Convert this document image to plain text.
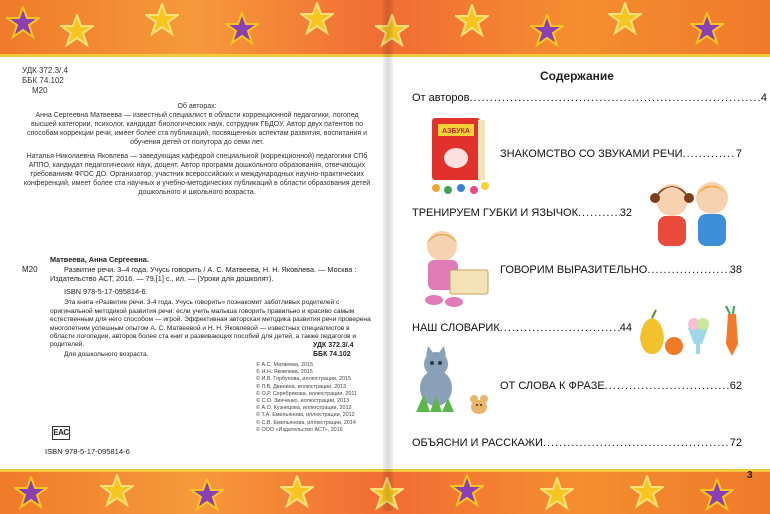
УДК 372.3/.4
ББК 74.102
М20
Об авторах:
Анна Сергеевна Матвеева — известный специалист в области коррекционной педагогики, логопед высшей категории, психолог, кандидат биологических наук, сотрудник ГБДОУ. Автор двух патентов по способам коррекции речи, имеет более ста публикаций, посвященных аспектам развития, воспитания и обучения детей от полутора до семи лет.
Наталья Николаевна Яковлева — заведующая кафедрой специальной (коррекционной) педагогики СПб АППО, кандидат педагогических наук, доцент. Автор программ дошкольного образования, отвечающих требованиям ФГОС ДО. Организатор, участник всероссийских и международных научно-практических конференций, имеет более ста научных и учебно-методических публикаций в области образования детей дошкольного и школьного возраста.
М20
Матвеева, Анна Сергеевна.
Развитие речи. 3–4 года. Учусь говорить / А. С. Матвеева, Н. Н. Яковлева. — Москва : Издательство АСТ, 2016. — 79,[1] с., ил. — (Уроки для дошколят).
ISBN 978-5-17-095814-6.
Эта книга «Развитие речи. 3-4 года. Учусь говорить» познакомит заботливых родителей с оригинальной методикой развития речи: если учить малыша говорить правильно и красиво самым естественным для него способом — игрой. Эффективная авторская методика развития речи проверена многолетним успешным опытом А. С. Матвеевой и Н. Н. Яковлевой — известных специалистов в области логопедии, авторов более ста книг и развивающих пособий для детей, а также педагогов и родителей.
Для дошкольного возраста.
УДК 372.3/.4
ББК 74.102
© А.С. Матвеева, 2015
© Н.Н. Яковлева, 2015
© И.В. Горбунова, иллюстрации, 2015
© Л.В. Двинина, иллюстрации, 2013
© О.Р. Серебрякова, иллюстрации, 2011
© С.О. Зинченко, иллюстрации, 2013
© А.О. Кузнецова, иллюстрации, 2013
© Т.А. Емельянова, иллюстрации, 2012
© С.В. Емельянова, иллюстрации, 2014
© ООО «Издательство АСТ», 2016
EAC
ISBN 978-5-17-095814-6
Содержание
От авторов .....	4
ЗНАКОМСТВО СО ЗВУКАМИ РЕЧИ .....	7
ТРЕНИРУЕМ ГУБКИ И ЯЗЫЧОК .....	32
ГОВОРИМ ВЫРАЗИТЕЛЬНО .....	38
НАШ СЛОВАРИК .....	44
ОТ СЛОВА К ФРАЗЕ .....	62
ОБЪЯСНИ И РАССКАЖИ .....	72
АЗБУКА
3
